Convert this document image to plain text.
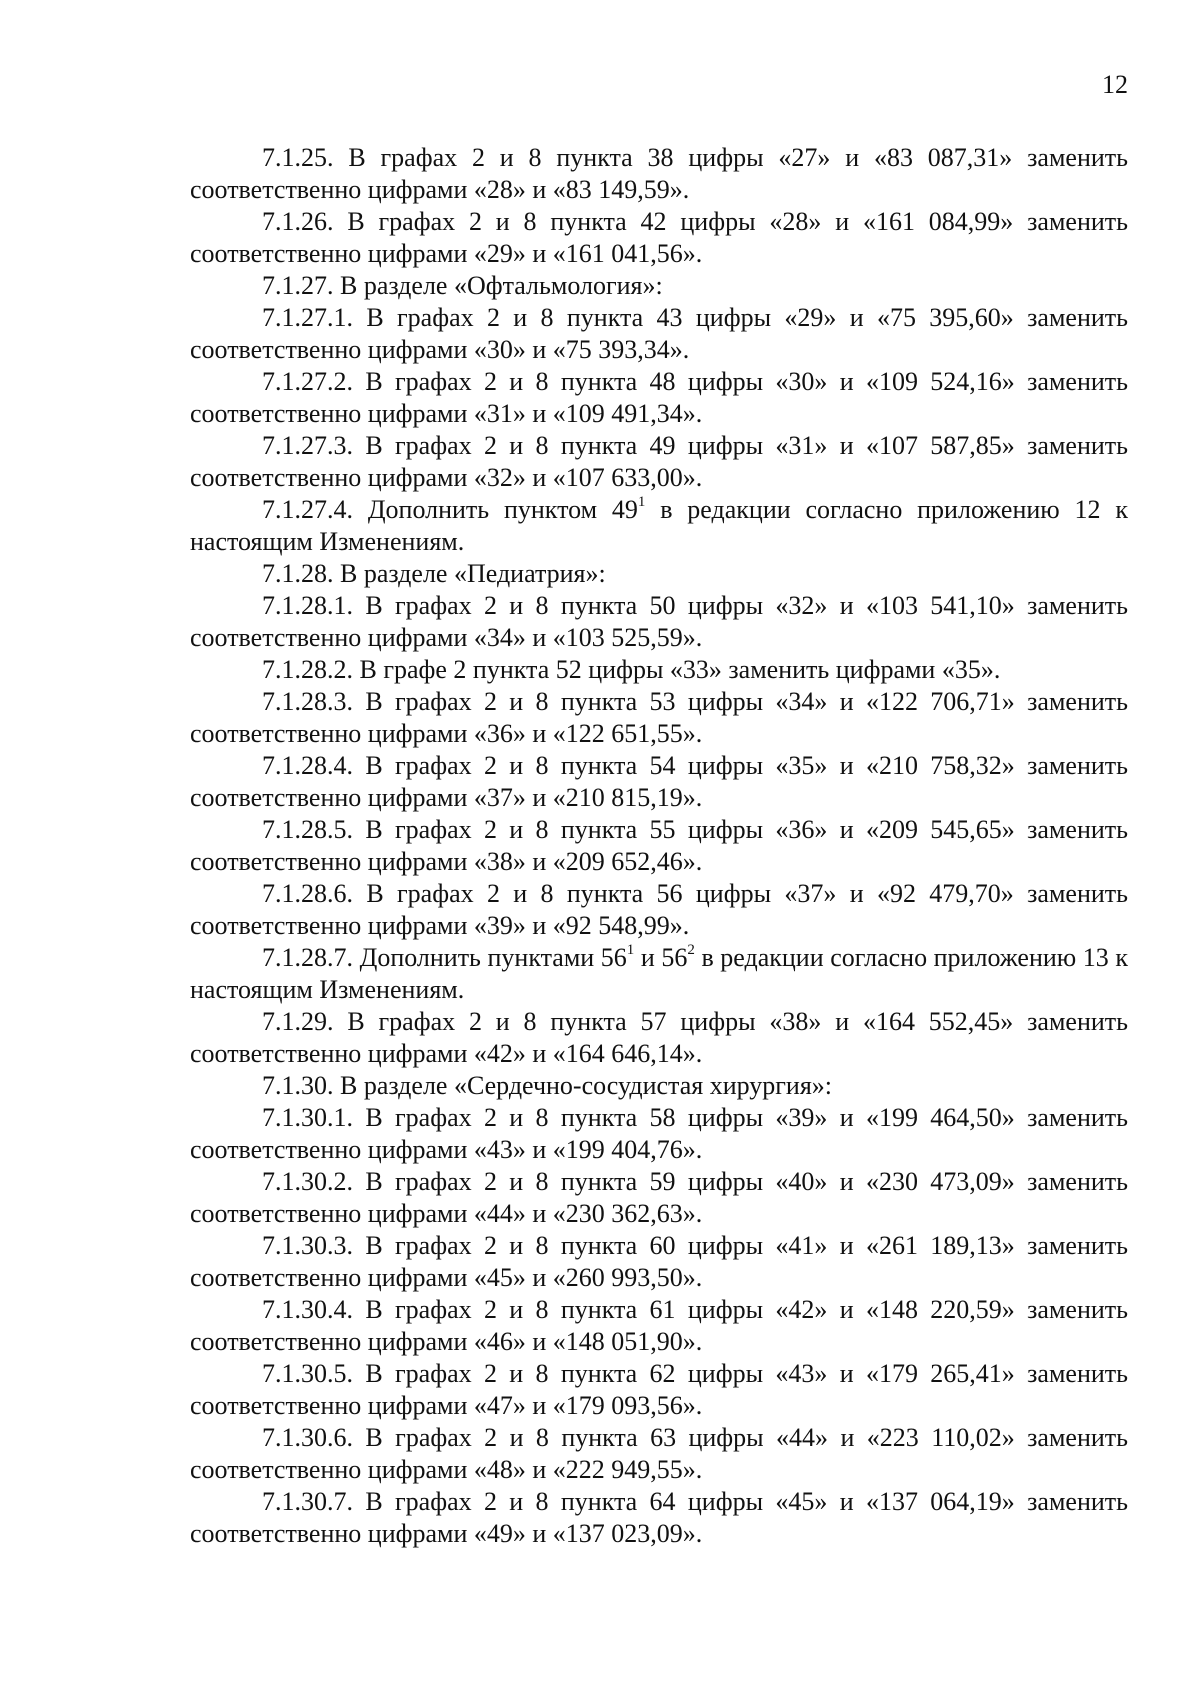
12

7.1.25. В графах 2 и 8 пункта 38 цифры «27» и «83 087,31» заменить соответственно цифрами «28» и «83 149,59».

7.1.26. В графах 2 и 8 пункта 42 цифры «28» и «161 084,99» заменить соответственно цифрами «29» и «161 041,56».

7.1.27. В разделе «Офтальмология»:

7.1.27.1. В графах 2 и 8 пункта 43 цифры «29» и «75 395,60» заменить соответственно цифрами «30» и «75 393,34».

7.1.27.2. В графах 2 и 8 пункта 48 цифры «30» и «109 524,16» заменить соответственно цифрами «31» и «109 491,34».

7.1.27.3. В графах 2 и 8 пункта 49 цифры «31» и «107 587,85» заменить соответственно цифрами «32» и «107 633,00».

7.1.27.4. Дополнить пунктом $49^1$ в редакции согласно приложению 12 к настоящим Изменениям.

7.1.28. В разделе «Педиатрия»:

7.1.28.1. В графах 2 и 8 пункта 50 цифры «32» и «103 541,10» заменить соответственно цифрами «34» и «103 525,59».

7.1.28.2. В графе 2 пункта 52 цифры «33» заменить цифрами «35».

7.1.28.3. В графах 2 и 8 пункта 53 цифры «34» и «122 706,71» заменить соответственно цифрами «36» и «122 651,55».

7.1.28.4. В графах 2 и 8 пункта 54 цифры «35» и «210 758,32» заменить соответственно цифрами «37» и «210 815,19».

7.1.28.5. В графах 2 и 8 пункта 55 цифры «36» и «209 545,65» заменить соответственно цифрами «38» и «209 652,46».

7.1.28.6. В графах 2 и 8 пункта 56 цифры «37» и «92 479,70» заменить соответственно цифрами «39» и «92 548,99».

7.1.28.7. Дополнить пунктами $56^1$ и $56^2$ в редакции согласно приложению 13 к настоящим Изменениям.

7.1.29. В графах 2 и 8 пункта 57 цифры «38» и «164 552,45» заменить соответственно цифрами «42» и «164 646,14».

7.1.30. В разделе «Сердечно-сосудистая хирургия»:

7.1.30.1. В графах 2 и 8 пункта 58 цифры «39» и «199 464,50» заменить соответственно цифрами «43» и «199 404,76».

7.1.30.2. В графах 2 и 8 пункта 59 цифры «40» и «230 473,09» заменить соответственно цифрами «44» и «230 362,63».

7.1.30.3. В графах 2 и 8 пункта 60 цифры «41» и «261 189,13» заменить соответственно цифрами «45» и «260 993,50».

7.1.30.4. В графах 2 и 8 пункта 61 цифры «42» и «148 220,59» заменить соответственно цифрами «46» и «148 051,90».

7.1.30.5. В графах 2 и 8 пункта 62 цифры «43» и «179 265,41» заменить соответственно цифрами «47» и «179 093,56».

7.1.30.6. В графах 2 и 8 пункта 63 цифры «44» и «223 110,02» заменить соответственно цифрами «48» и «222 949,55».

7.1.30.7. В графах 2 и 8 пункта 64 цифры «45» и «137 064,19» заменить соответственно цифрами «49» и «137 023,09».
